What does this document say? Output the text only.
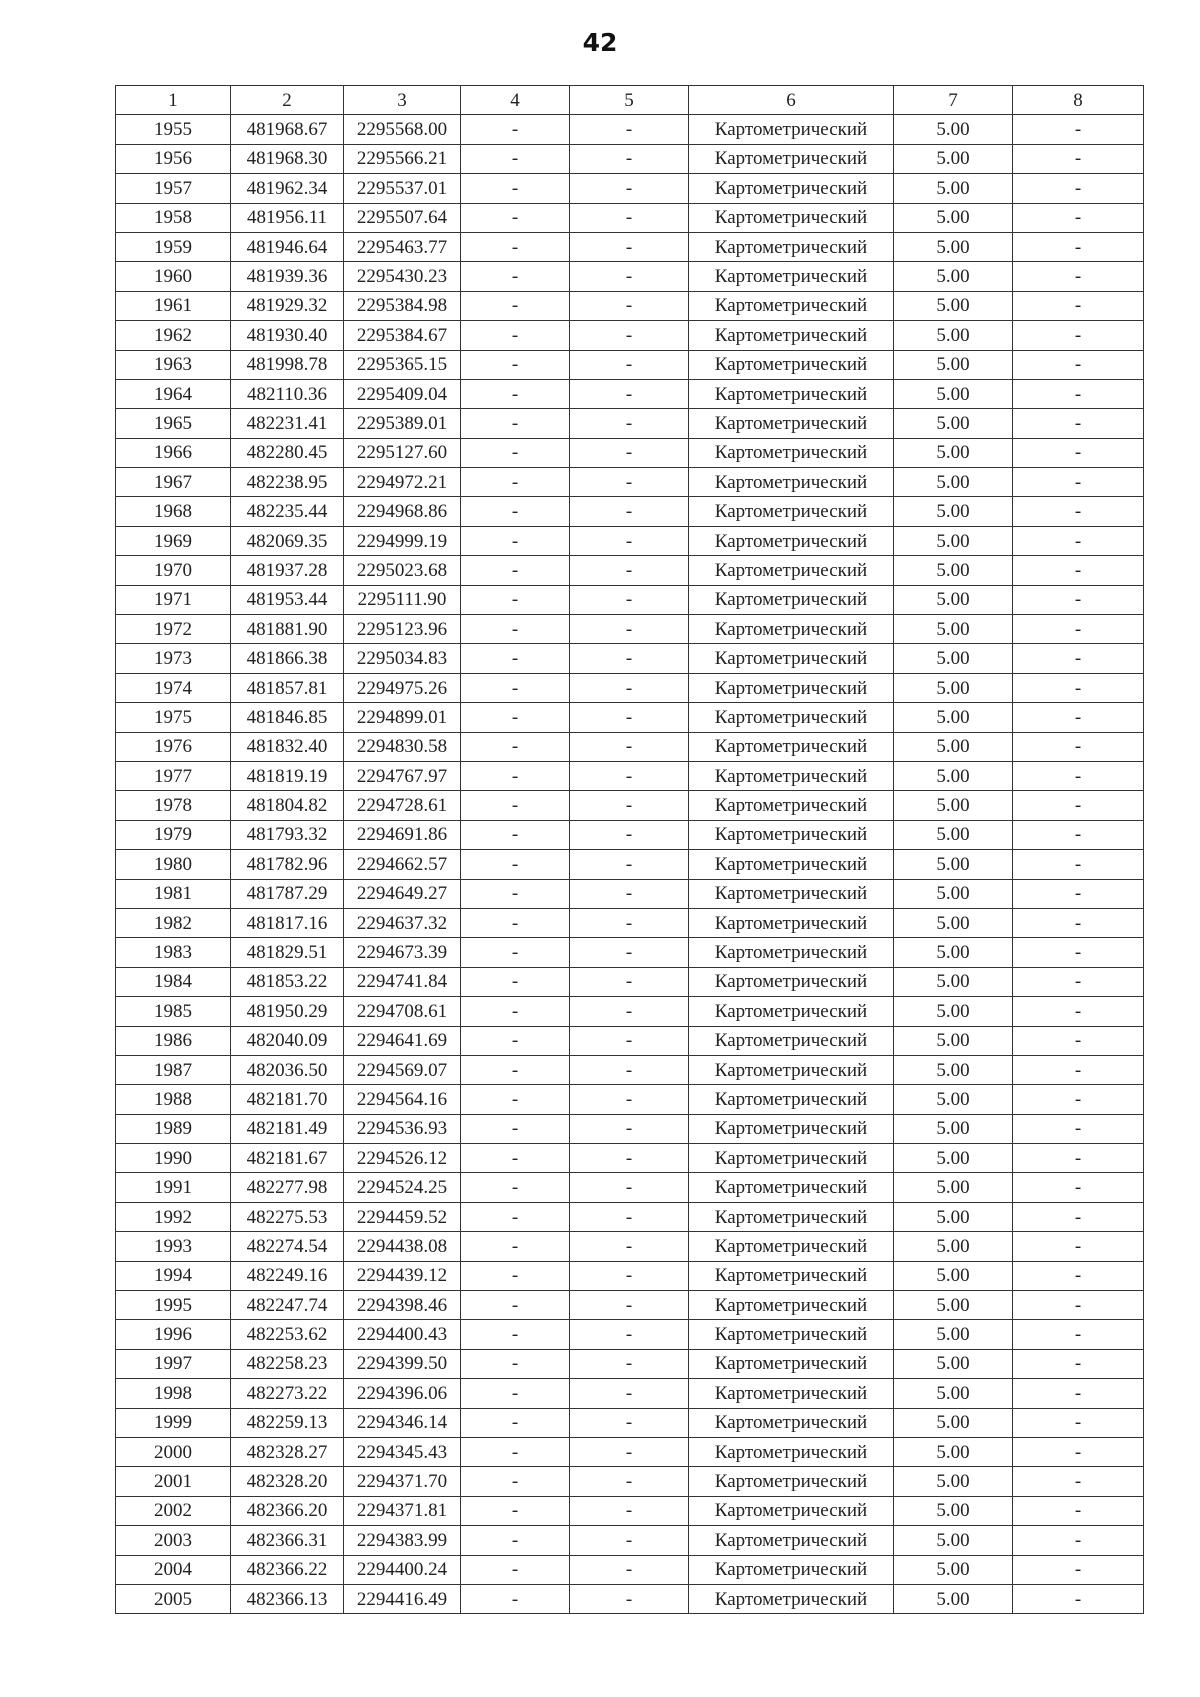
42
1	2	3	4	5	6	7	8
1955	481968.67	2295568.00	-	-	Картометрический	5.00	-
1956	481968.30	2295566.21	-	-	Картометрический	5.00	-
1957	481962.34	2295537.01	-	-	Картометрический	5.00	-
1958	481956.11	2295507.64	-	-	Картометрический	5.00	-
1959	481946.64	2295463.77	-	-	Картометрический	5.00	-
1960	481939.36	2295430.23	-	-	Картометрический	5.00	-
1961	481929.32	2295384.98	-	-	Картометрический	5.00	-
1962	481930.40	2295384.67	-	-	Картометрический	5.00	-
1963	481998.78	2295365.15	-	-	Картометрический	5.00	-
1964	482110.36	2295409.04	-	-	Картометрический	5.00	-
1965	482231.41	2295389.01	-	-	Картометрический	5.00	-
1966	482280.45	2295127.60	-	-	Картометрический	5.00	-
1967	482238.95	2294972.21	-	-	Картометрический	5.00	-
1968	482235.44	2294968.86	-	-	Картометрический	5.00	-
1969	482069.35	2294999.19	-	-	Картометрический	5.00	-
1970	481937.28	2295023.68	-	-	Картометрический	5.00	-
1971	481953.44	2295111.90	-	-	Картометрический	5.00	-
1972	481881.90	2295123.96	-	-	Картометрический	5.00	-
1973	481866.38	2295034.83	-	-	Картометрический	5.00	-
1974	481857.81	2294975.26	-	-	Картометрический	5.00	-
1975	481846.85	2294899.01	-	-	Картометрический	5.00	-
1976	481832.40	2294830.58	-	-	Картометрический	5.00	-
1977	481819.19	2294767.97	-	-	Картометрический	5.00	-
1978	481804.82	2294728.61	-	-	Картометрический	5.00	-
1979	481793.32	2294691.86	-	-	Картометрический	5.00	-
1980	481782.96	2294662.57	-	-	Картометрический	5.00	-
1981	481787.29	2294649.27	-	-	Картометрический	5.00	-
1982	481817.16	2294637.32	-	-	Картометрический	5.00	-
1983	481829.51	2294673.39	-	-	Картометрический	5.00	-
1984	481853.22	2294741.84	-	-	Картометрический	5.00	-
1985	481950.29	2294708.61	-	-	Картометрический	5.00	-
1986	482040.09	2294641.69	-	-	Картометрический	5.00	-
1987	482036.50	2294569.07	-	-	Картометрический	5.00	-
1988	482181.70	2294564.16	-	-	Картометрический	5.00	-
1989	482181.49	2294536.93	-	-	Картометрический	5.00	-
1990	482181.67	2294526.12	-	-	Картометрический	5.00	-
1991	482277.98	2294524.25	-	-	Картометрический	5.00	-
1992	482275.53	2294459.52	-	-	Картометрический	5.00	-
1993	482274.54	2294438.08	-	-	Картометрический	5.00	-
1994	482249.16	2294439.12	-	-	Картометрический	5.00	-
1995	482247.74	2294398.46	-	-	Картометрический	5.00	-
1996	482253.62	2294400.43	-	-	Картометрический	5.00	-
1997	482258.23	2294399.50	-	-	Картометрический	5.00	-
1998	482273.22	2294396.06	-	-	Картометрический	5.00	-
1999	482259.13	2294346.14	-	-	Картометрический	5.00	-
2000	482328.27	2294345.43	-	-	Картометрический	5.00	-
2001	482328.20	2294371.70	-	-	Картометрический	5.00	-
2002	482366.20	2294371.81	-	-	Картометрический	5.00	-
2003	482366.31	2294383.99	-	-	Картометрический	5.00	-
2004	482366.22	2294400.24	-	-	Картометрический	5.00	-
2005	482366.13	2294416.49	-	-	Картометрический	5.00	-
